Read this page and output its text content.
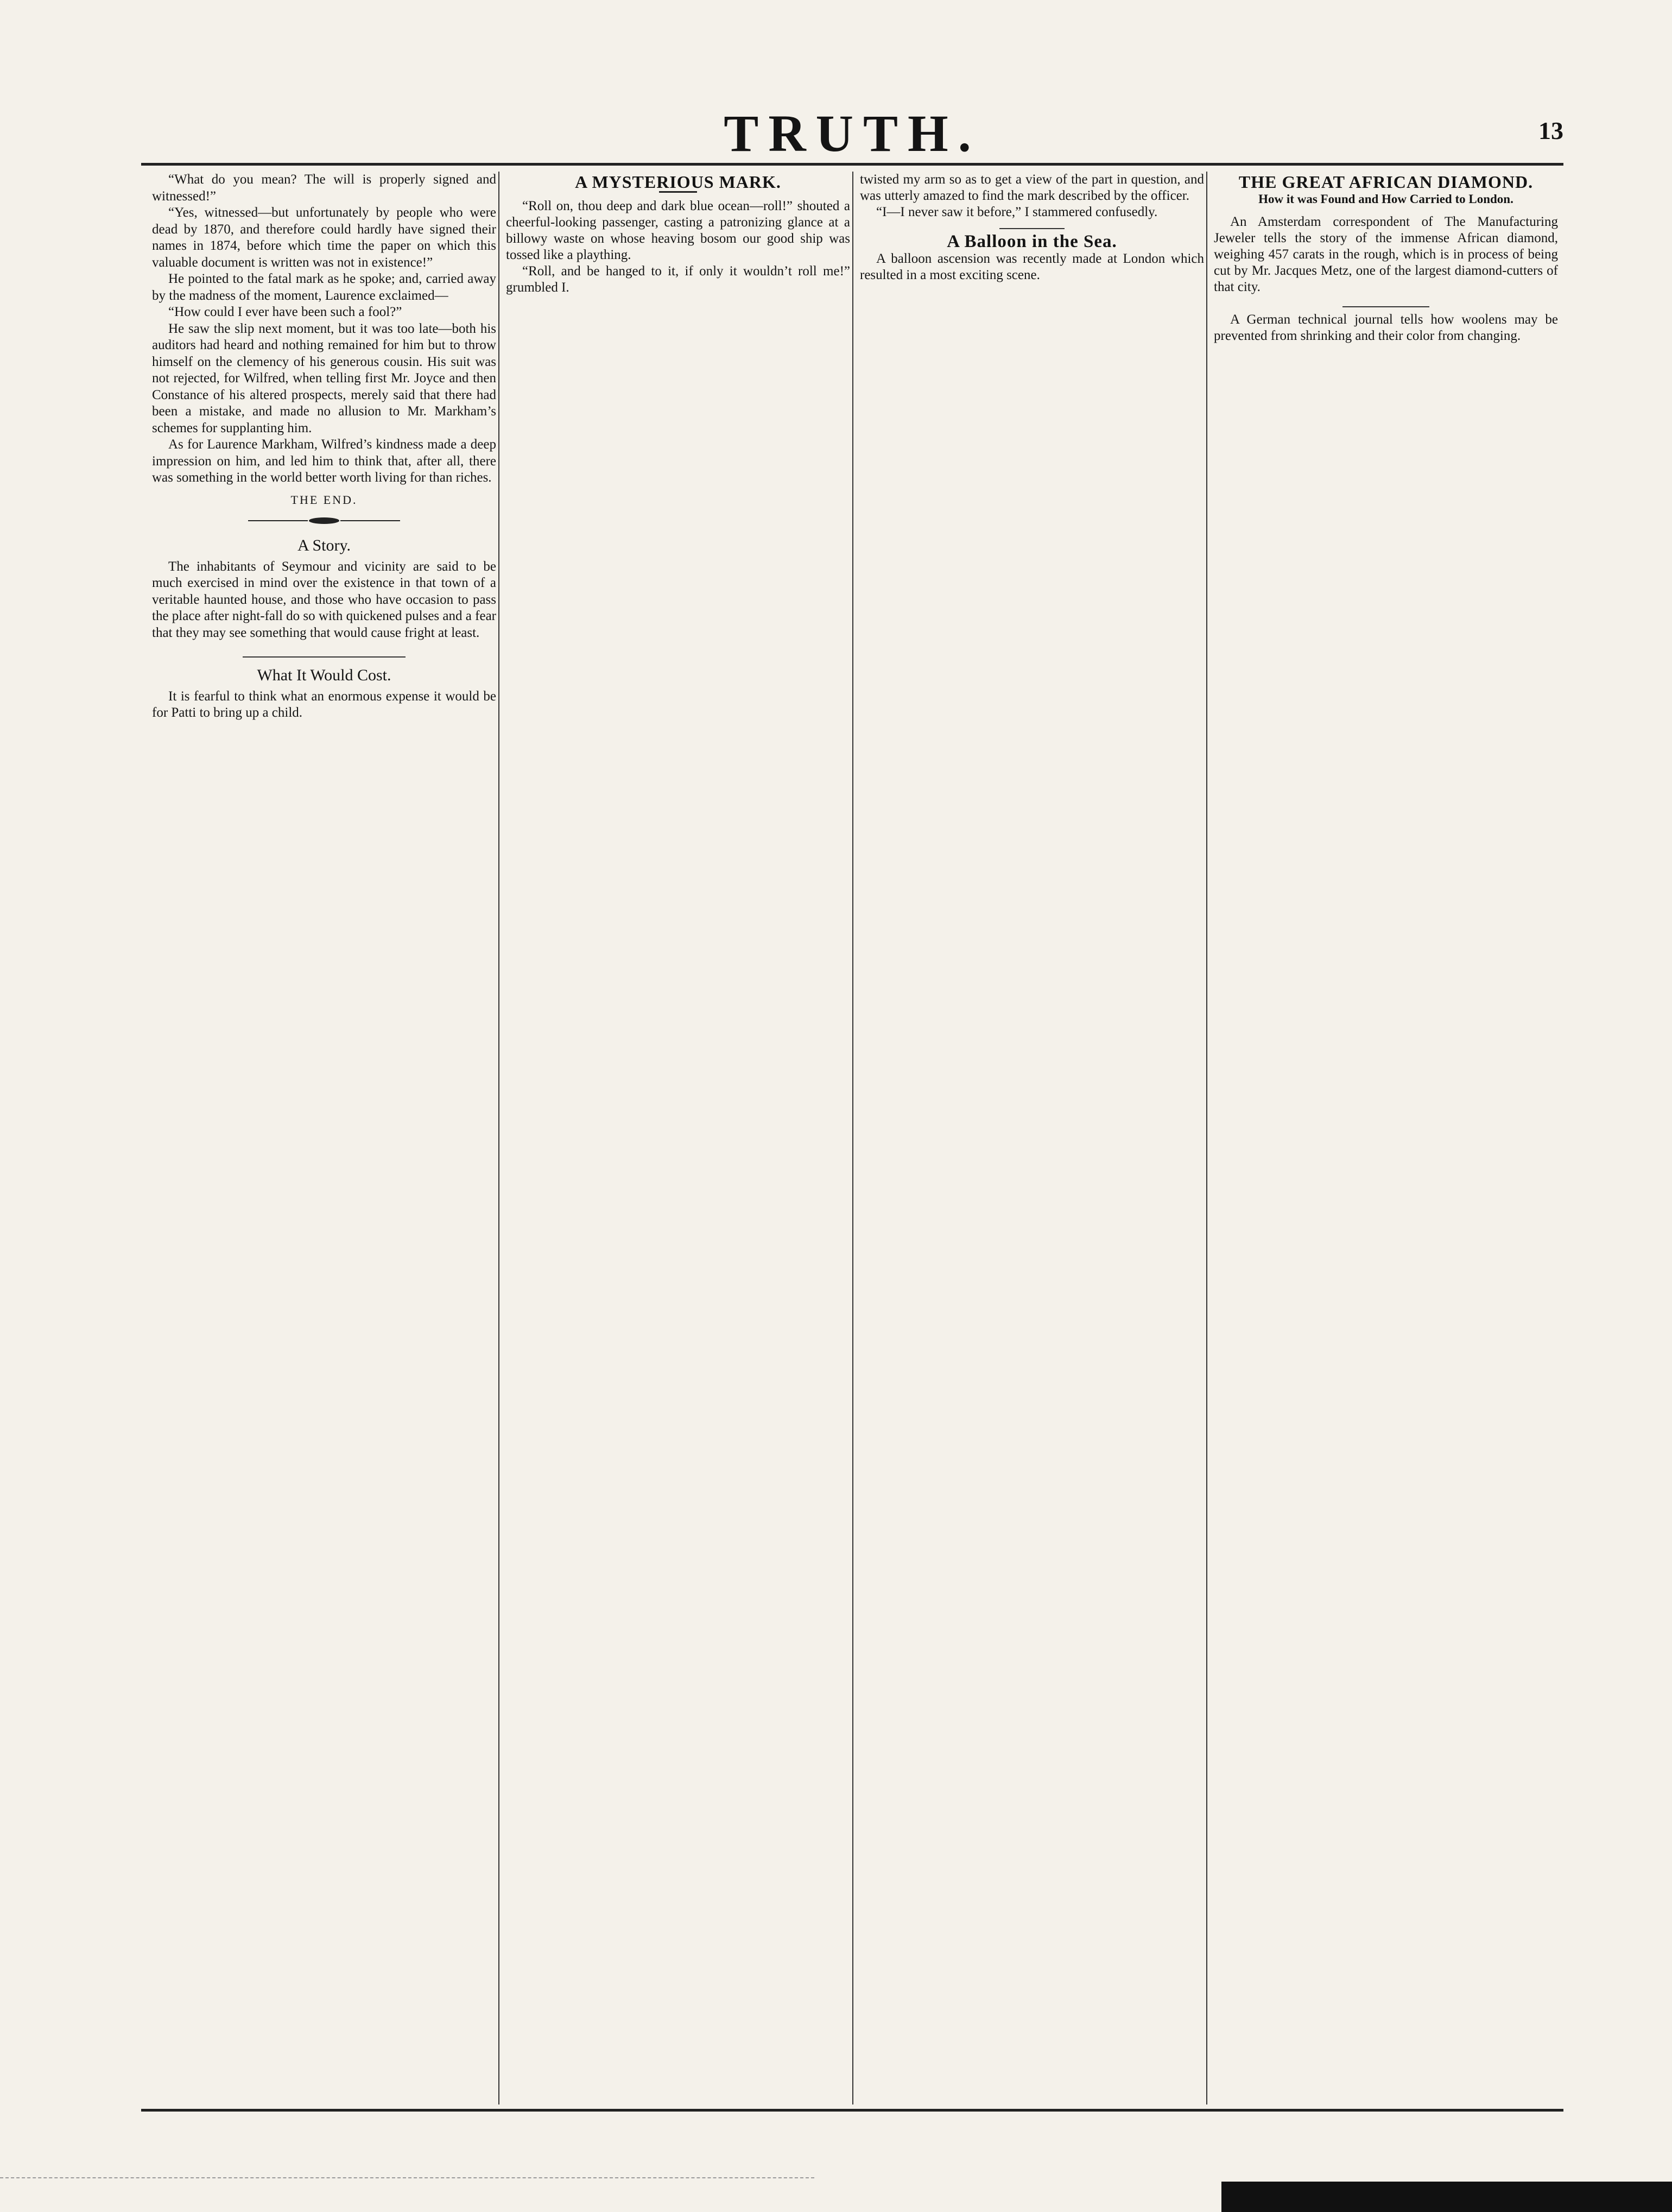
TRUTH.	13

“What do you mean? The will is properly signed and witnessed!”

“Yes, witnessed—but unfortunately by people who were dead by 1870, and therefore could hardly have signed their names in 1874, before which time the paper on which this valuable document is written was not in existence!”

He pointed to the fatal mark as he spoke; and, carried away by the madness of the moment, Laurence exclaimed—

“How could I ever have been such a fool?”

He saw the slip next moment, but it was too late—both his auditors had heard and nothing remained for him but to throw himself on the clemency of his generous cousin. His suit was not rejected, for Wilfred, when telling first Mr. Joyce and then Constance of his altered prospects, merely said that there had been a mistake, and made no allusion to Mr. Markham’s schemes for supplanting him.

As for Laurence Markham, Wilfred’s kindness made a deep impression on him, and led him to think that, after all, there was something in the world better worth living for than riches.

THE END.
A Story.

The inhabitants of Seymour and vicinity are said to be much exercised in mind over the existence in that town of a veritable haunted house, and those who have occasion to pass the place after night-fall do so with quickened pulses and a fear that they may see something that would cause fright at least.

What It Would Cost.

It is fearful to think what an enormous expense it would be for Patti to bring up a child.

A MYSTERIOUS MARK.

“Roll on, thou deep and dark blue ocean—roll!” shouted a cheerful-looking passenger, casting a patronizing glance at a billowy waste on whose heaving bosom our good ship was tossed like a plaything.

“Roll, and be hanged to it, if only it wouldn’t roll me!” grumbled I.

twisted my arm so as to get a view of the part in question, and was utterly amazed to find the mark described by the officer.

“I—I never saw it before,” I stammered confusedly.

A Balloon in the Sea.

A balloon ascension was recently made at London which resulted in a most exciting scene.

THE GREAT AFRICAN DIAMOND.
How it was Found and How Carried to London.

An Amsterdam correspondent of The Manufacturing Jeweler tells the story of the immense African diamond, weighing 457 carats in the rough, which is in process of being cut by Mr. Jacques Metz, one of the largest diamond-cutters of that city.

A German technical journal tells how woolens may be prevented from shrinking and their color from changing.
